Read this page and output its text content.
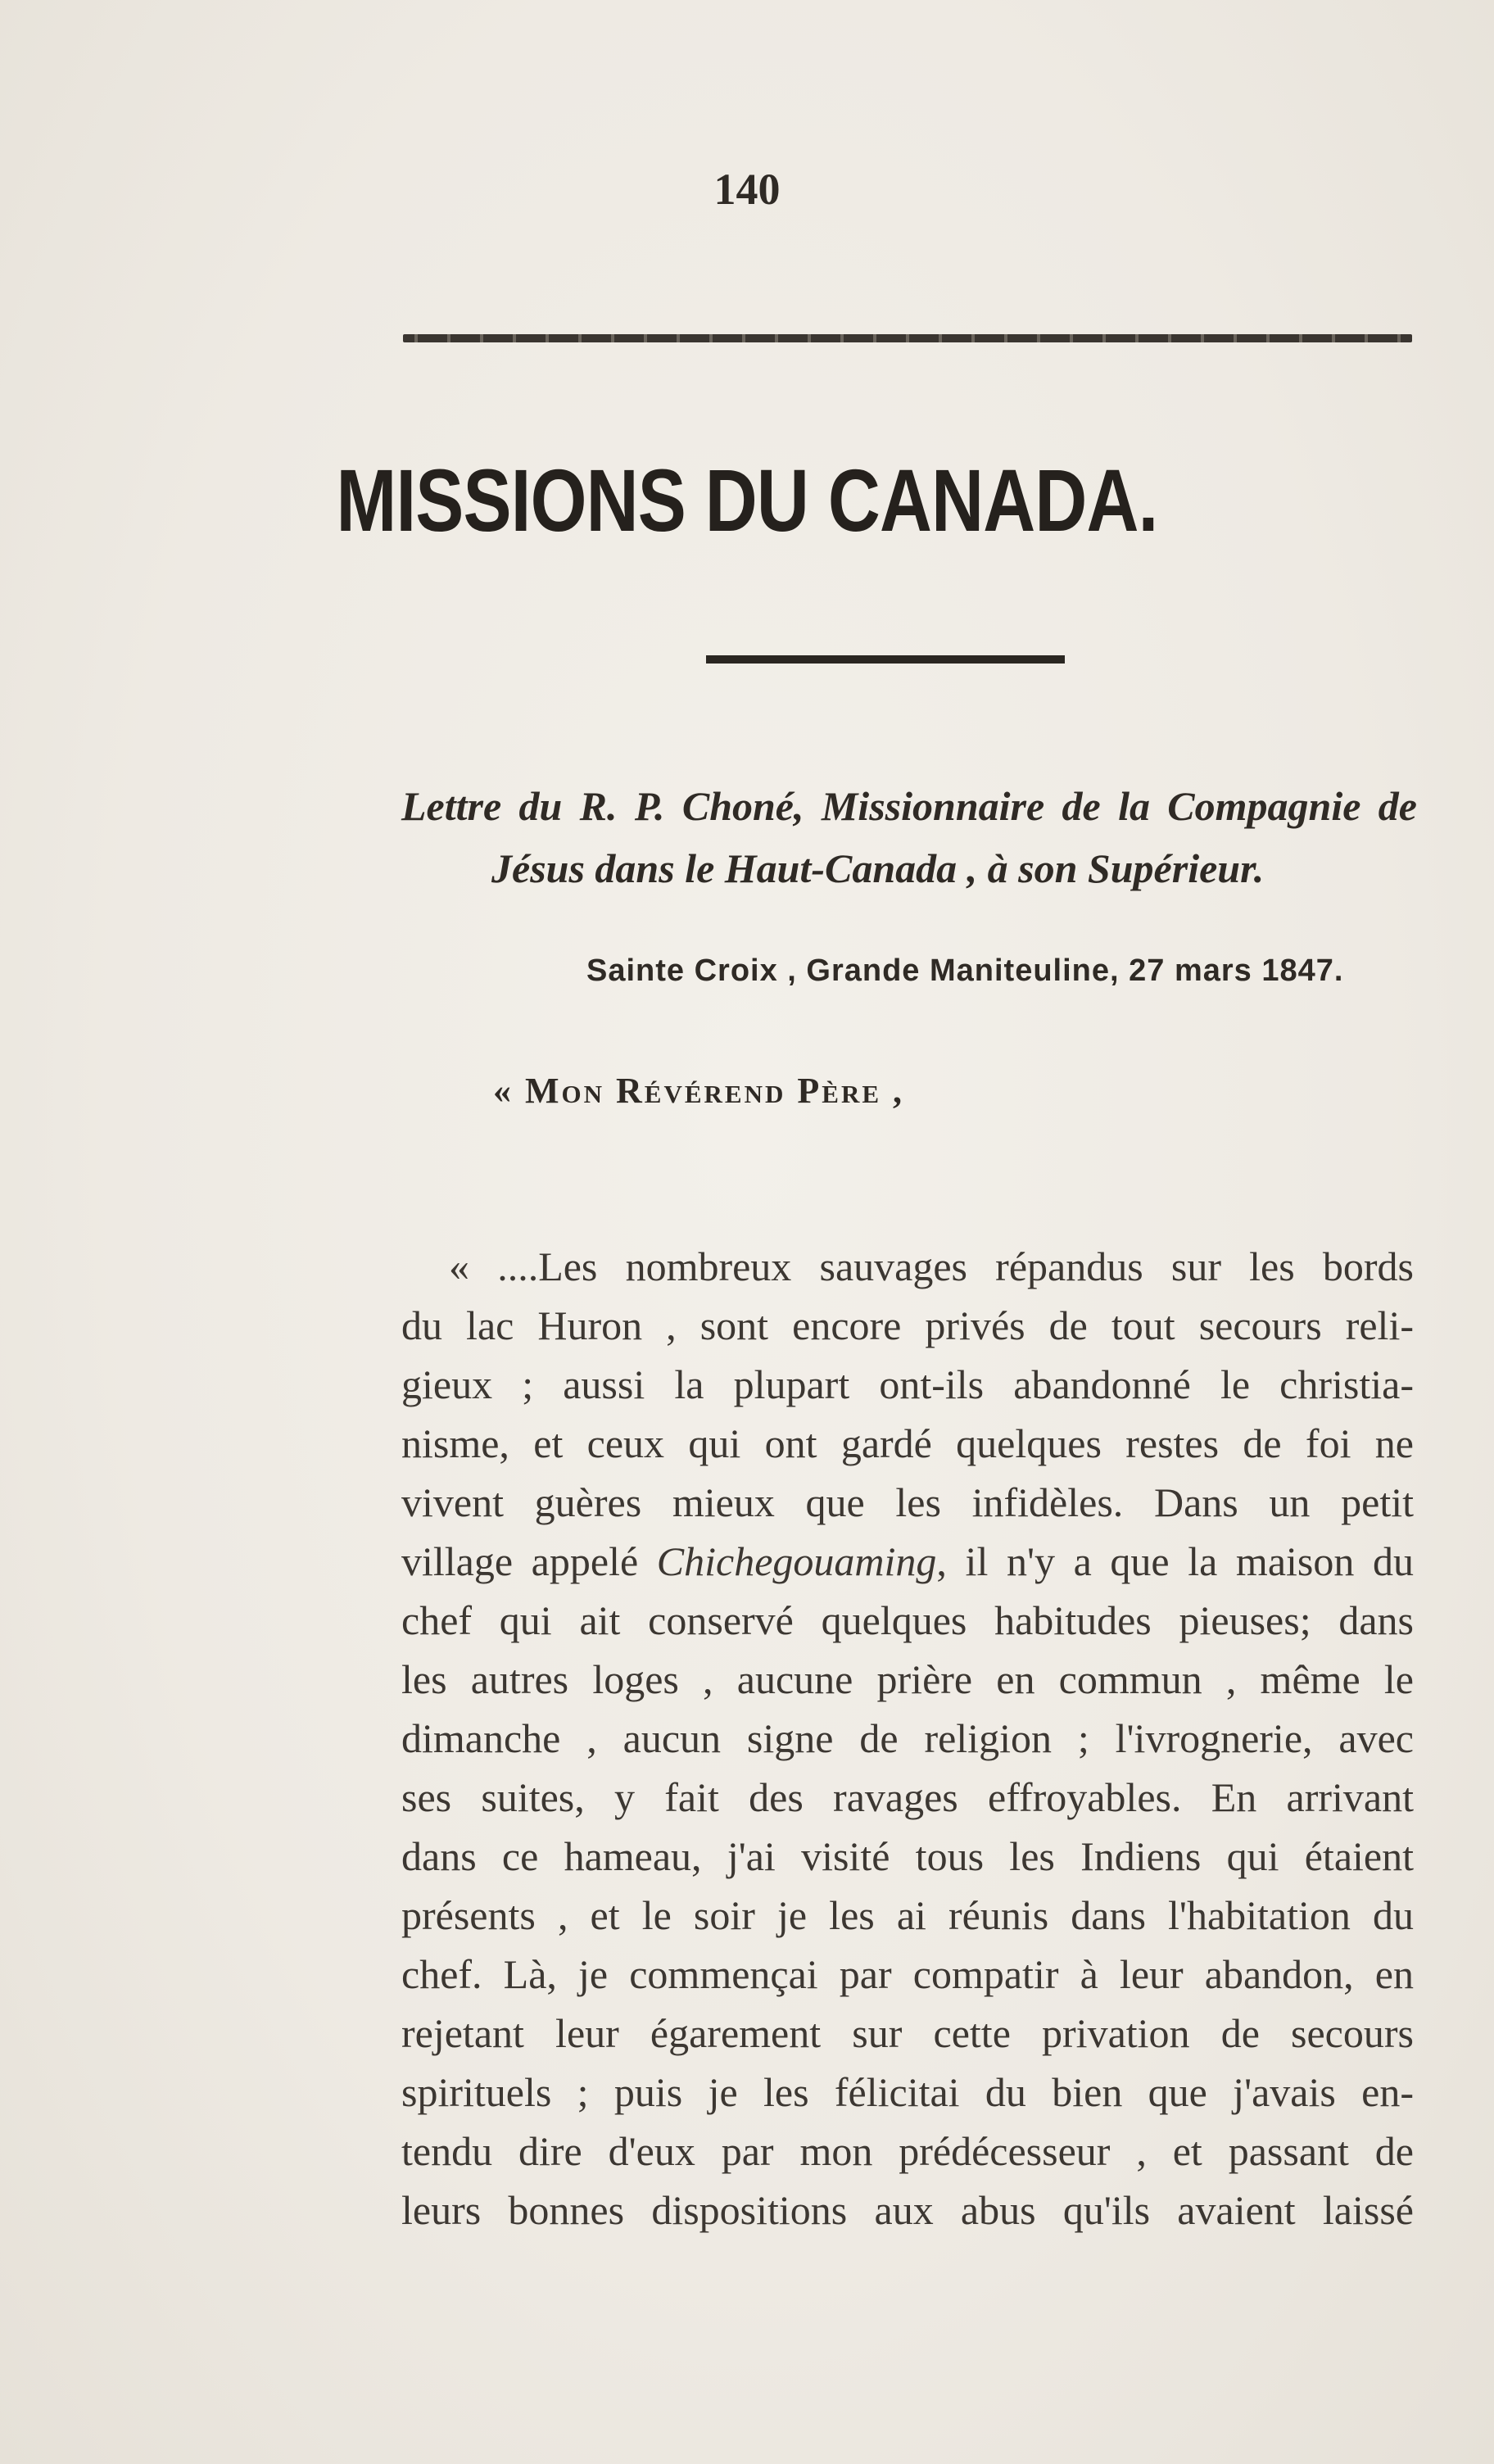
140
MISSIONS DU CANADA.
Lettre du R. P. Choné, Missionnaire de la Compagnie de
Jésus dans le Haut-Canada , à son Supérieur.
Sainte Croix , Grande Maniteuline, 27 mars 1847.
« Mon Révérend Père ,
« ....Les nombreux sauvages répandus sur les bords
du lac Huron , sont encore privés de tout secours reli-
gieux ; aussi la plupart ont-ils abandonné le christia-
nisme, et ceux qui ont gardé quelques restes de foi ne
vivent guères mieux que les infidèles. Dans un petit
village appelé Chichegouaming, il n'y a que la maison du
chef qui ait conservé quelques habitudes pieuses; dans
les autres loges , aucune prière en commun , même le
dimanche , aucun signe de religion ; l'ivrognerie, avec
ses suites, y fait des ravages effroyables. En arrivant
dans ce hameau, j'ai visité tous les Indiens qui étaient
présents , et le soir je les ai réunis dans l'habitation du
chef. Là, je commençai par compatir à leur abandon, en
rejetant leur égarement sur cette privation de secours
spirituels ; puis je les félicitai du bien que j'avais en-
tendu dire d'eux par mon prédécesseur , et passant de
leurs bonnes dispositions aux abus qu'ils avaient laissé
